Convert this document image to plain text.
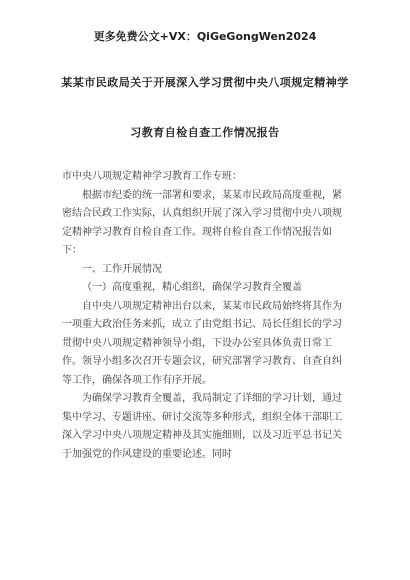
更多免费公文+VX：QiGeGongWen2024
某某市民政局关于开展深入学习贯彻中央八项规定精神学
习教育自检自查工作情况报告

市中央八项规定精神学习教育工作专班：

根据市纪委的统一部署和要求，某某市民政局高度重视，紧密结合民政工作实际，认真组织开展了深入学习贯彻中央八项规定精神学习教育自检自查工作。现将自检自查工作情况报告如下：

一、工作开展情况

（一）高度重视，精心组织，确保学习教育全覆盖

自中央八项规定精神出台以来，某某市民政局始终将其作为一项重大政治任务来抓，成立了由党组书记、局长任组长的学习贯彻中央八项规定精神领导小组，下设办公室具体负责日常工作。领导小组多次召开专题会议，研究部署学习教育、自查自纠等工作，确保各项工作有序开展。

为确保学习教育全覆盖，我局制定了详细的学习计划，通过集中学习、专题讲座、研讨交流等多种形式，组织全体干部职工深入学习中央八项规定精神及其实施细则，以及习近平总书记关于加强党的作风建设的重要论述。同时
